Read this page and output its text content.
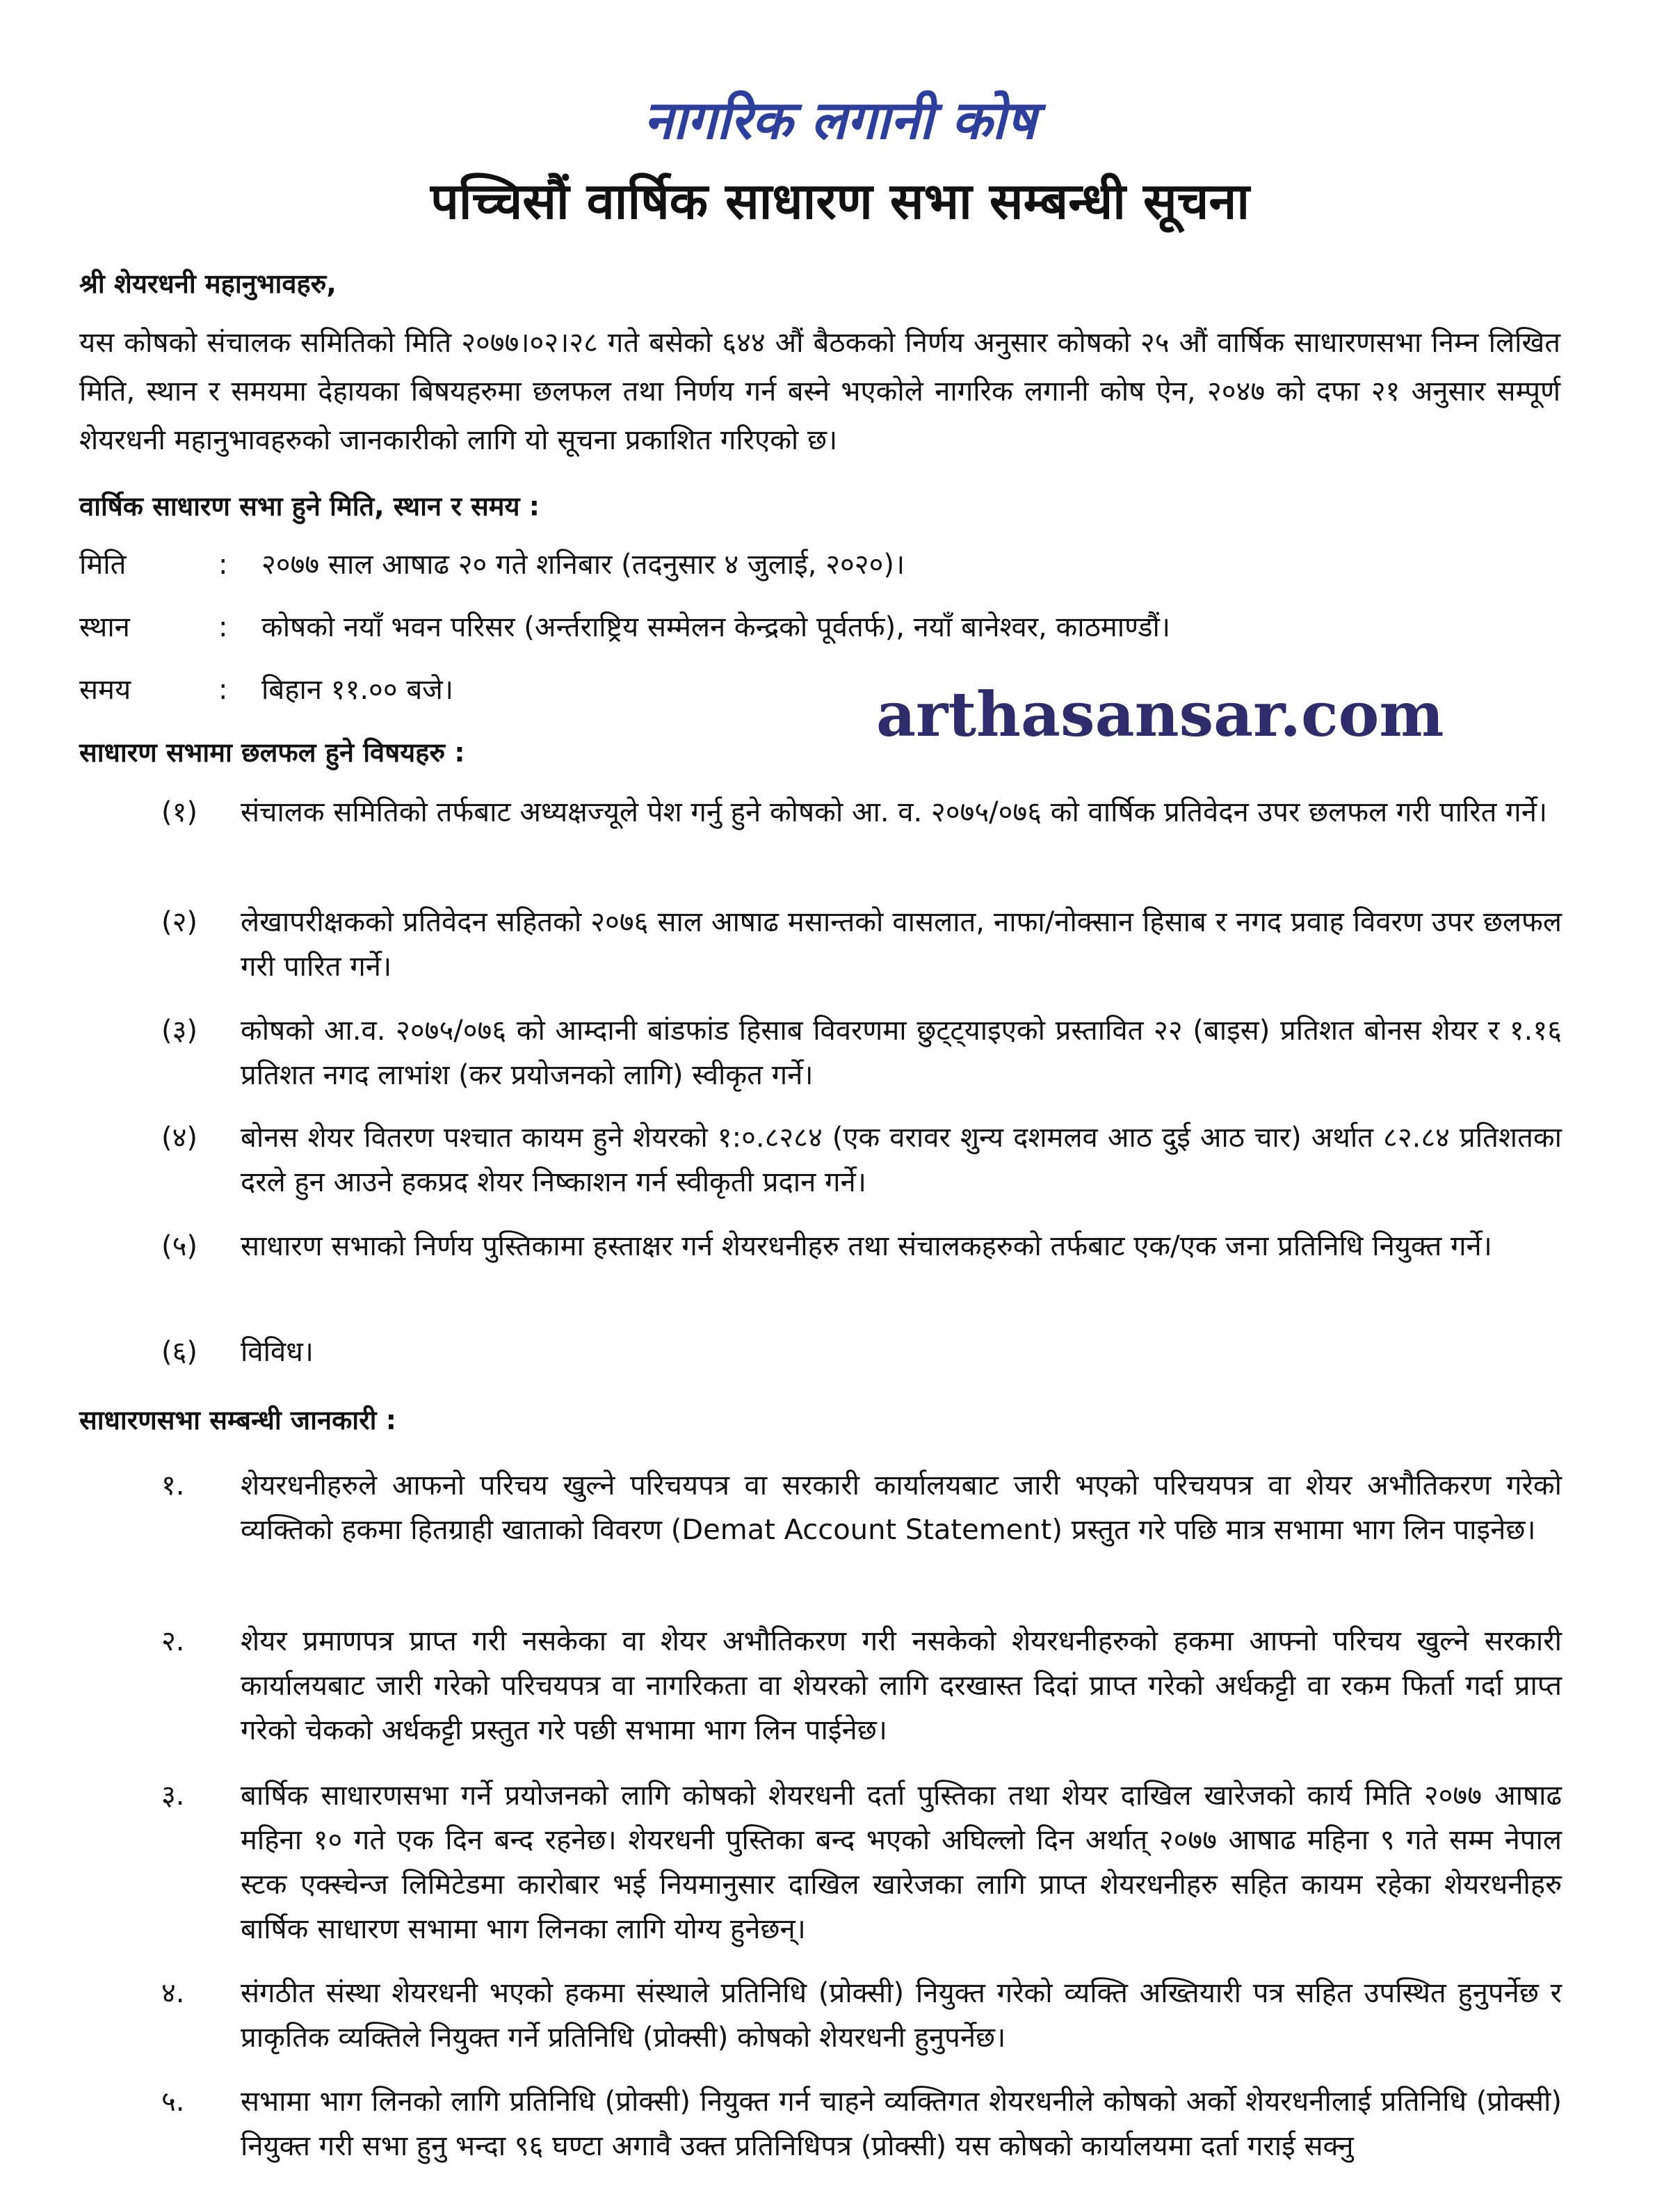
नागरिक लगानी कोष
पच्चिसौं वार्षिक साधारण सभा सम्बन्धी सूचना
श्री शेयरधनी महानुभावहरु,
यस कोषको संचालक समितिको मिति २०७७।०२।२८ गते बसेको ६४४ औं बैठकको निर्णय अनुसार कोषको २५ औं वार्षिक साधारणसभा निम्न लिखित मिति, स्थान र समयमा देहायका बिषयहरुमा छलफल तथा निर्णय गर्न बस्ने भएकोले नागरिक लगानी कोष ऐन, २०४७ को दफा २१ अनुसार सम्पूर्ण शेयरधनी महानुभावहरुको जानकारीको लागि यो सूचना प्रकाशित गरिएको छ।
वार्षिक साधारण सभा हुने मिति, स्थान र समय :
मिति	: २०७७ साल आषाढ २० गते शनिबार (तदनुसार ४ जुलाई, २०२०)।
स्थान	: कोषको नयाँ भवन परिसर (अर्न्तराष्ट्रिय सम्मेलन केन्द्रको पूर्वतर्फ), नयाँ बानेश्वर, काठमाण्डौं।
समय	: बिहान ११.०० बजे।	arthasansar.com
साधारण सभामा छलफल हुने विषयहरु :
(१) संचालक समितिको तर्फबाट अध्यक्षज्यूले पेश गर्नु हुने कोषको आ. व. २०७५/०७६ को वार्षिक प्रतिवेदन उपर छलफल गरी पारित गर्ने।
(२) लेखापरीक्षकको प्रतिवेदन सहितको २०७६ साल आषाढ मसान्तको वासलात, नाफा/नोक्सान हिसाब र नगद प्रवाह विवरण उपर छलफल गरी पारित गर्ने।
(३) कोषको आ.व. २०७५/०७६ को आम्दानी बांडफांड हिसाब विवरणमा छुट्ट्याइएको प्रस्तावित २२ (बाइस) प्रतिशत बोनस शेयर र १.१६ प्रतिशत नगद लाभांश (कर प्रयोजनको लागि) स्वीकृत गर्ने।
(४) बोनस शेयर वितरण पश्चात कायम हुने शेयरको १:०.८२८४ (एक वरावर शुन्य दशमलव आठ दुई आठ चार) अर्थात ८२.८४ प्रतिशतका दरले हुन आउने हकप्रद शेयर निष्काशन गर्न स्वीकृती प्रदान गर्ने।
(५) साधारण सभाको निर्णय पुस्तिकामा हस्ताक्षर गर्न शेयरधनीहरु तथा संचालकहरुको तर्फबाट एक/एक जना प्रतिनिधि नियुक्त गर्ने।
(६) विविध।
साधारणसभा सम्बन्धी जानकारी :
१. शेयरधनीहरुले आफनो परिचय खुल्ने परिचयपत्र वा सरकारी कार्यालयबाट जारी भएको परिचयपत्र वा शेयर अभौतिकरण गरेको व्यक्तिको हकमा हितग्राही खाताको विवरण (Demat Account Statement) प्रस्तुत गरे पछि मात्र सभामा भाग लिन पाइनेछ।
२. शेयर प्रमाणपत्र प्राप्त गरी नसकेका वा शेयर अभौतिकरण गरी नसकेको शेयरधनीहरुको हकमा आफ्नो परिचय खुल्ने सरकारी कार्यालयबाट जारी गरेको परिचयपत्र वा नागरिकता वा शेयरको लागि दरखास्त दिदां प्राप्त गरेको अर्धकट्टी वा रकम फिर्ता गर्दा प्राप्त गरेको चेकको अर्धकट्टी प्रस्तुत गरे पछी सभामा भाग लिन पाईनेछ।
३. बार्षिक साधारणसभा गर्ने प्रयोजनको लागि कोषको शेयरधनी दर्ता पुस्तिका तथा शेयर दाखिल खारेजको कार्य मिति २०७७ आषाढ महिना १० गते एक दिन बन्द रहनेछ। शेयरधनी पुस्तिका बन्द भएको अघिल्लो दिन अर्थात् २०७७ आषाढ महिना ९ गते सम्म नेपाल स्टक एक्स्चेन्ज लिमिटेडमा कारोबार भई नियमानुसार दाखिल खारेजका लागि प्राप्त शेयरधनीहरु सहित कायम रहेका शेयरधनीहरु बार्षिक साधारण सभामा भाग लिनका लागि योग्य हुनेछन्।
४. संगठीत संस्था शेयरधनी भएको हकमा संस्थाले प्रतिनिधि (प्रोक्सी) नियुक्त गरेको व्यक्ति अख्तियारी पत्र सहित उपस्थित हुनुपर्नेछ र प्राकृतिक व्यक्तिले नियुक्त गर्ने प्रतिनिधि (प्रोक्सी) कोषको शेयरधनी हुनुपर्नेछ।
५. सभामा भाग लिनको लागि प्रतिनिधि (प्रोक्सी) नियुक्त गर्न चाहने व्यक्तिगत शेयरधनीले कोषको अर्को शेयरधनीलाई प्रतिनिधि (प्रोक्सी) नियुक्त गरी सभा हुनु भन्दा ९६ घण्टा अगावै उक्त प्रतिनिधिपत्र (प्रोक्सी) यस कोषको कार्यालयमा दर्ता गराई सक्नु
